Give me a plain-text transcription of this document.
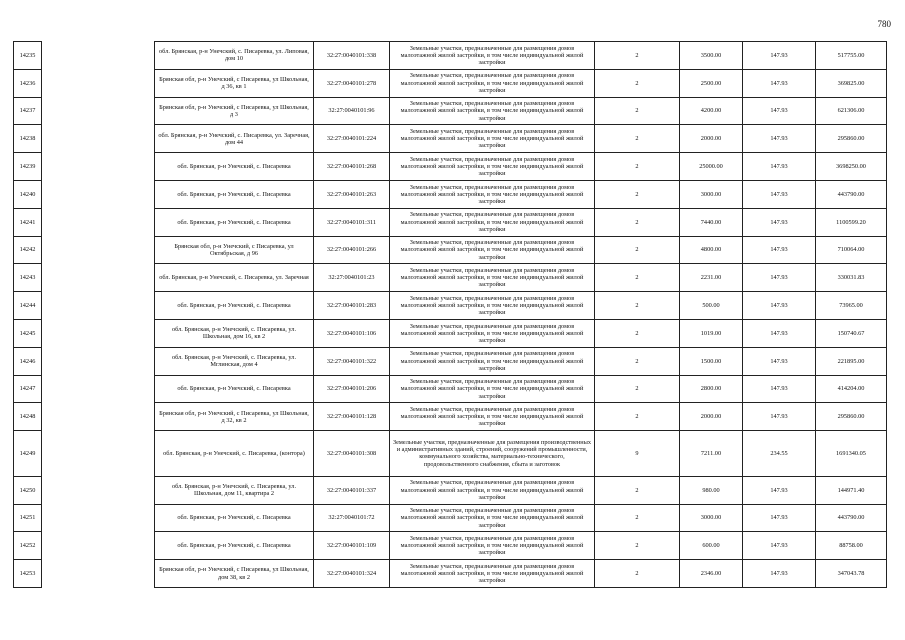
780
14235		обл. Брянская, р-н Унечский, с. Писаревка, ул. Липовая, дом 10	32:27:0040101:338	Земельные участки, предназначенные для размещения домов малоэтажной жилой застройки, в том числе индивидуальной жилой застройки	2	3500.00	147.93	517755.00
14236		Брянская обл, р-н Унечский, с Писаревка, ул Школьная, д 36, кв 1	32:27:0040101:278	Земельные участки, предназначенные для размещения домов малоэтажной жилой застройки, в том числе индивидуальной жилой застройки	2	2500.00	147.93	369825.00
14237		Брянская обл, р-н Унечский, с Писаревка, ул Школьная, д 3	32:27:0040101:96	Земельные участки, предназначенные для размещения домов малоэтажной жилой застройки, в том числе индивидуальной жилой застройки	2	4200.00	147.93	621306.00
14238		обл. Брянская, р-н Унечский, с. Писаревка, ул. Заречная, дом 44	32:27:0040101:224	Земельные участки, предназначенные для размещения домов малоэтажной жилой застройки, в том числе индивидуальной жилой застройки	2	2000.00	147.93	295860.00
14239		обл. Брянская, р-н Унечский, с. Писаревка	32:27:0040101:268	Земельные участки, предназначенные для размещения домов малоэтажной жилой застройки, в том числе индивидуальной жилой застройки	2	25000.00	147.93	3698250.00
14240		обл. Брянская, р-н Унечский, с. Писаревка	32:27:0040101:263	Земельные участки, предназначенные для размещения домов малоэтажной жилой застройки, в том числе индивидуальной жилой застройки	2	3000.00	147.93	443790.00
14241		обл. Брянская, р-н Унечский, с. Писаревка	32:27:0040101:311	Земельные участки, предназначенные для размещения домов малоэтажной жилой застройки, в том числе индивидуальной жилой застройки	2	7440.00	147.93	1100599.20
14242		Брянская обл, р-н Унечский, с Писаревка, ул Октябрьская, д 96	32:27:0040101:266	Земельные участки, предназначенные для размещения домов малоэтажной жилой застройки, в том числе индивидуальной жилой застройки	2	4800.00	147.93	710064.00
14243		обл. Брянская, р-н Унечский, с. Писаревка, ул. Заречная	32:27:0040101:23	Земельные участки, предназначенные для размещения домов малоэтажной жилой застройки, в том числе индивидуальной жилой застройки	2	2231.00	147.93	330031.83
14244		обл. Брянская, р-н Унечский, с. Писаревка	32:27:0040101:283	Земельные участки, предназначенные для размещения домов малоэтажной жилой застройки, в том числе индивидуальной жилой застройки	2	500.00	147.93	73965.00
14245		обл. Брянская, р-н Унечский, с. Писаревка, ул. Школьная, дом 16, кв 2	32:27:0040101:106	Земельные участки, предназначенные для размещения домов малоэтажной жилой застройки, в том числе индивидуальной жилой застройки	2	1019.00	147.93	150740.67
14246		обл. Брянская, р-н Унечский, с. Писаревка, ул. Мглинская, дом 4	32:27:0040101:322	Земельные участки, предназначенные для размещения домов малоэтажной жилой застройки, в том числе индивидуальной жилой застройки	2	1500.00	147.93	221895.00
14247		обл. Брянская, р-н Унечский, с. Писаревка	32:27:0040101:206	Земельные участки, предназначенные для размещения домов малоэтажной жилой застройки, в том числе индивидуальной жилой застройки	2	2800.00	147.93	414204.00
14248		Брянская обл, р-н Унечский, с Писаревка, ул Школьная, д 32, кв 2	32:27:0040101:128	Земельные участки, предназначенные для размещения домов малоэтажной жилой застройки, в том числе индивидуальной жилой застройки	2	2000.00	147.93	295860.00
14249		обл. Брянская, р-н Унечский, с. Писаревка, (контора)	32:27:0040101:308	Земельные участки, предназначенные для размещения производственных и административных зданий, строений, сооружений промышленности, коммунального хозяйства, материально-технического, продовольственного снабжения, сбыта и заготовок	9	7211.00	234.55	1691340.05
14250		обл. Брянская, р-н Унечский, с. Писаревка, ул. Школьная, дом 11, квартира 2	32:27:0040101:337	Земельные участки, предназначенные для размещения домов малоэтажной жилой застройки, в том числе индивидуальной жилой застройки	2	980.00	147.93	144971.40
14251		обл. Брянская, р-н Унечский, с. Писаревка	32:27:0040101:72	Земельные участки, предназначенные для размещения домов малоэтажной жилой застройки, в том числе индивидуальной жилой застройки	2	3000.00	147.93	443790.00
14252		обл. Брянская, р-н Унечский, с. Писаревка	32:27:0040101:109	Земельные участки, предназначенные для размещения домов малоэтажной жилой застройки, в том числе индивидуальной жилой застройки	2	600.00	147.93	88758.00
14253		Брянская обл, р-н Унечский, с Писаревка, ул Школьная, дом 38, кв 2	32:27:0040101:324	Земельные участки, предназначенные для размещения домов малоэтажной жилой застройки, в том числе индивидуальной жилой застройки	2	2346.00	147.93	347043.78
